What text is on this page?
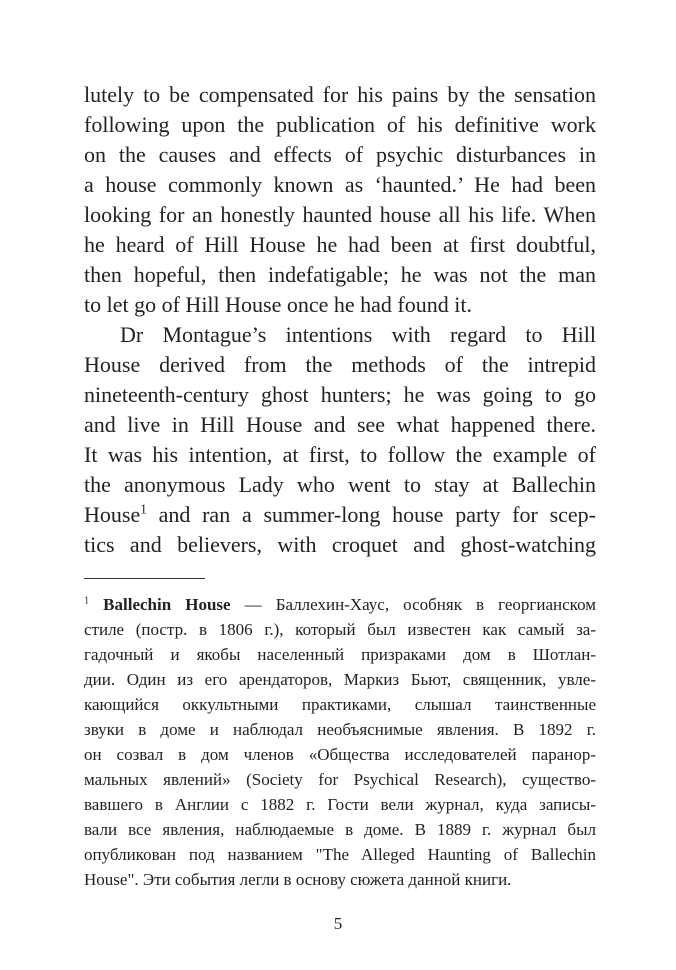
lutely to be compensated for his pains by the sensation
following upon the publication of his definitive work
on the causes and effects of psychic disturbances in
a house commonly known as ‘haunted.’ He had been
looking for an honestly haunted house all his life. When
he heard of Hill House he had been at first doubtful,
then hopeful, then indefatigable; he was not the man
to let go of Hill House once he had found it.
Dr Montague’s intentions with regard to Hill
House derived from the methods of the intrepid
nineteenth-century ghost hunters; he was going to go
and live in Hill House and see what happened there.
It was his intention, at first, to follow the example of
the anonymous Lady who went to stay at Ballechin
House$^1$ and ran a summer-long house party for scep-
tics and believers, with croquet and ghost-watching
$^1$ Ballechin House — Баллехин-Хаус, особняк в георгианском
стиле (постр. в 1806 г.), который был известен как самый за-
гадочный и якобы населенный призраками дом в Шотлан-
дии. Один из его арендаторов, Маркиз Бьют, священник, увле-
кающийся оккультными практиками, слышал таинственные
звуки в доме и наблюдал необъяснимые явления. В 1892 г.
он созвал в дом членов «Общества исследователей паранор-
мальных явлений» (Society for Psychical Research), существо-
вавшего в Англии с 1882 г. Гости вели журнал, куда записы-
вали все явления, наблюдаемые в доме. В 1889 г. журнал был
опубликован под названием "The Alleged Haunting of Ballechin
House". Эти события легли в основу сюжета данной книги.
5
